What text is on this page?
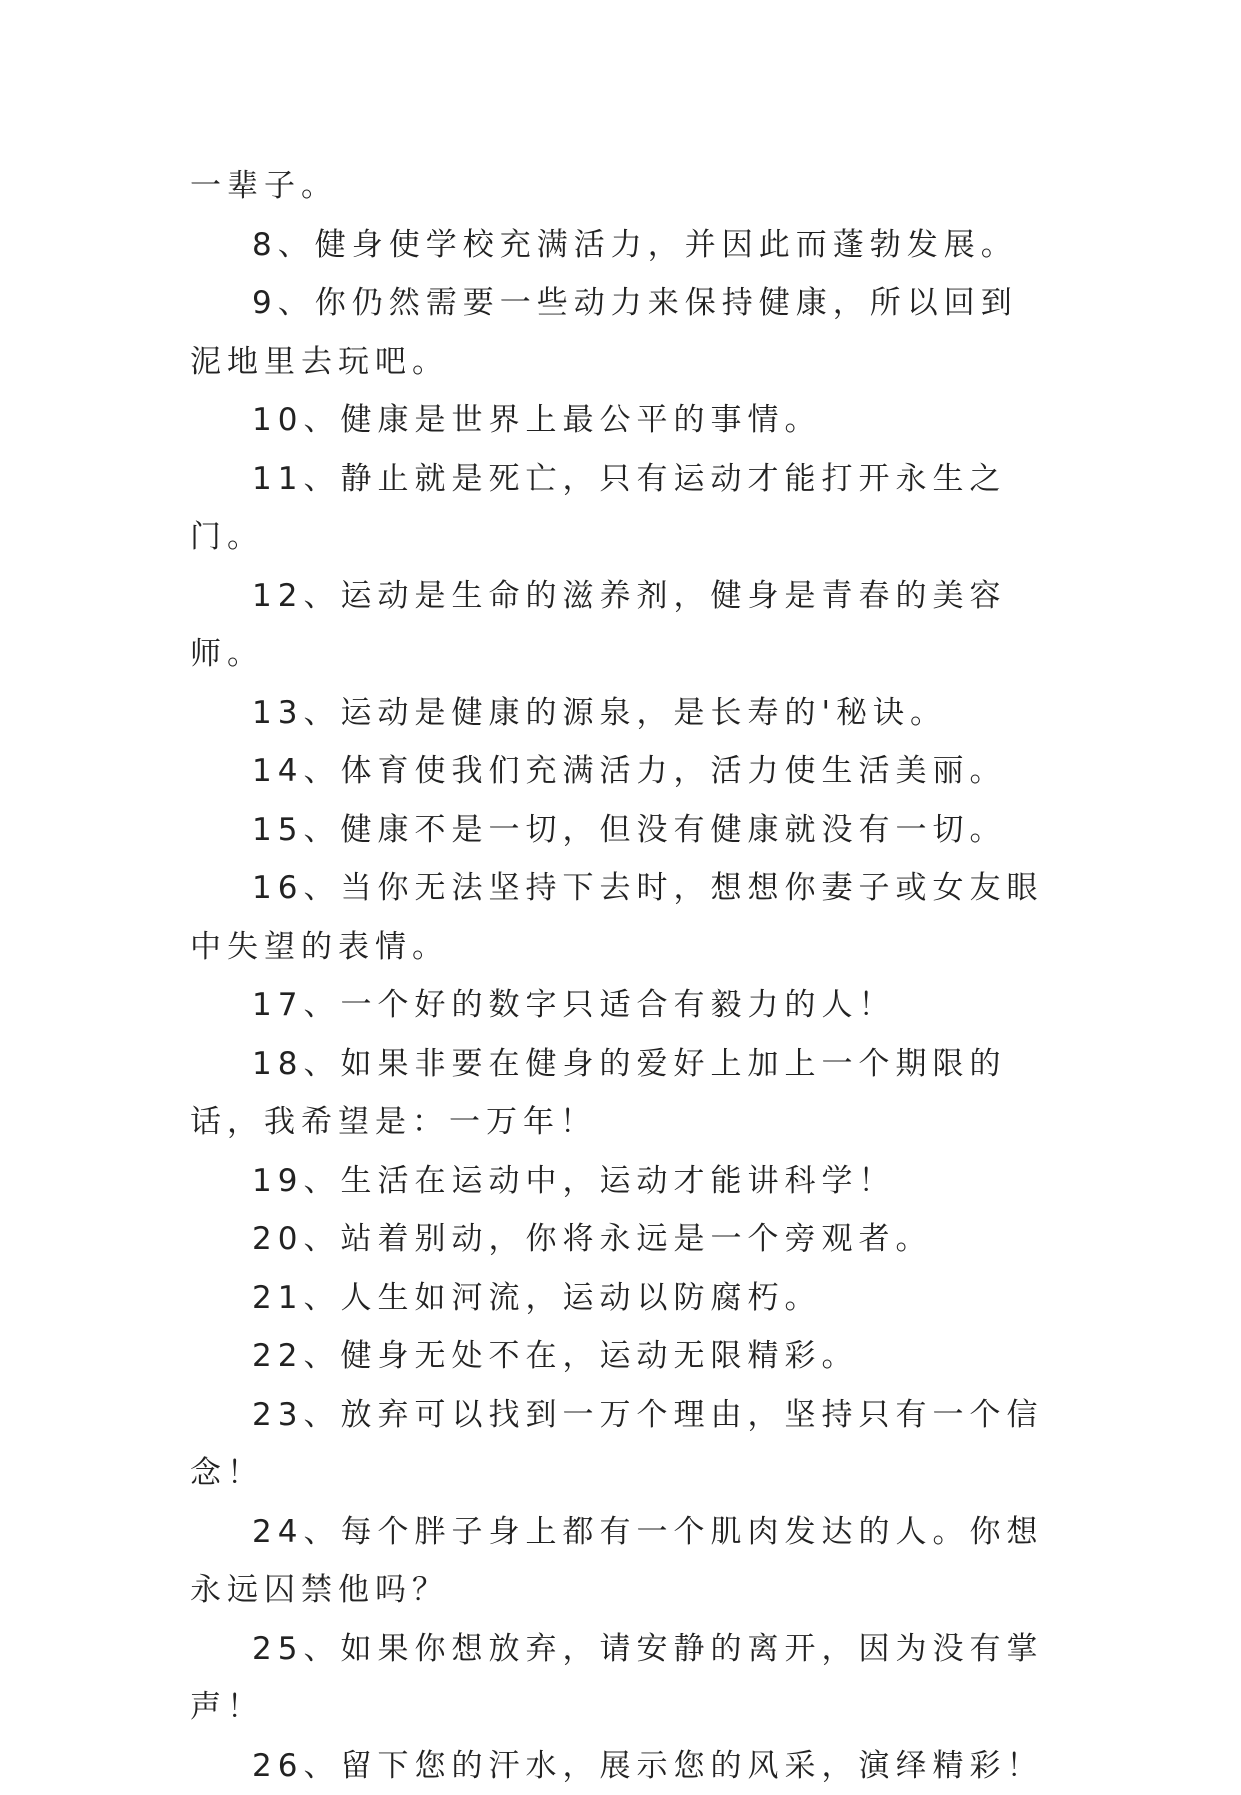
一辈子。

8、健身使学校充满活力，并因此而蓬勃发展。

9、你仍然需要一些动力来保持健康，所以回到泥地里去玩吧。

10、健康是世界上最公平的事情。

11、静止就是死亡，只有运动才能打开永生之门。

12、运动是生命的滋养剂，健身是青春的美容师。

13、运动是健康的源泉，是长寿的'秘诀。

14、体育使我们充满活力，活力使生活美丽。

15、健康不是一切，但没有健康就没有一切。

16、当你无法坚持下去时，想想你妻子或女友眼中失望的表情。

17、一个好的数字只适合有毅力的人！

18、如果非要在健身的爱好上加上一个期限的话，我希望是：一万年！

19、生活在运动中，运动才能讲科学！

20、站着别动，你将永远是一个旁观者。

21、人生如河流，运动以防腐朽。

22、健身无处不在，运动无限精彩。

23、放弃可以找到一万个理由，坚持只有一个信念！

24、每个胖子身上都有一个肌肉发达的人。你想永远囚禁他吗？

25、如果你想放弃，请安静的离开，因为没有掌声！

26、留下您的汗水，展示您的风采，演绎精彩！
